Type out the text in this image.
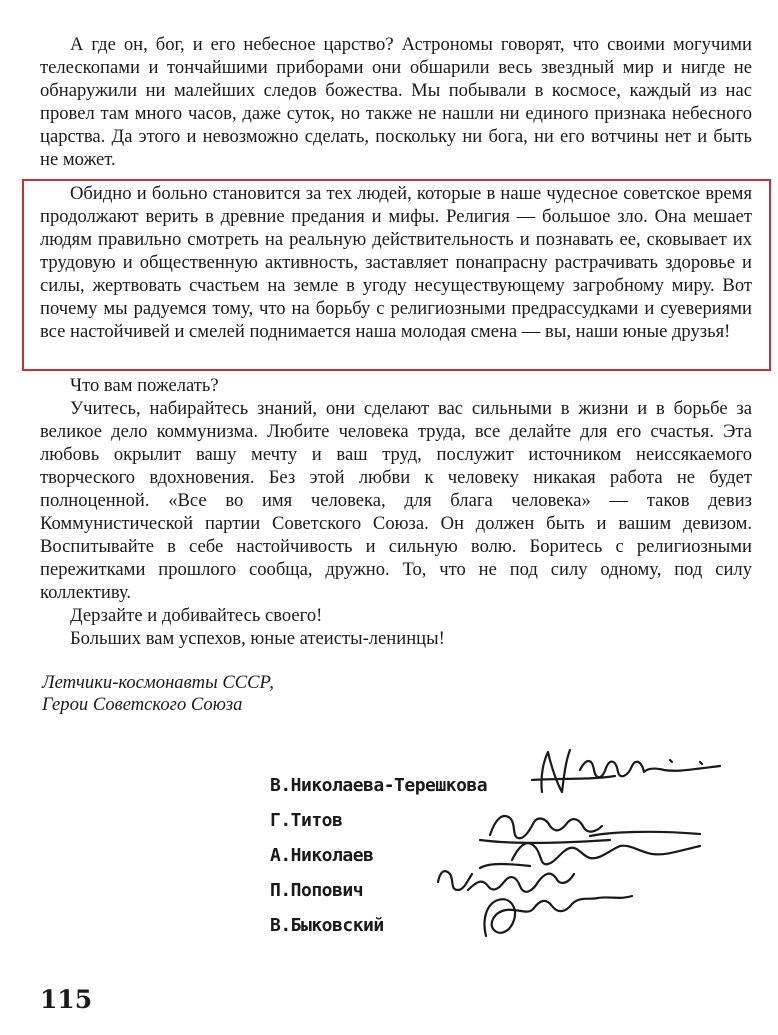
А где он, бог, и его небесное царство? Астрономы говорят, что своими могучими телескопами и тончайшими приборами они обшарили весь звездный мир и нигде не обнаружили ни малейших следов божества. Мы побывали в космосе, каждый из нас провел там много часов, даже суток, но также не нашли ни единого признака небесного царства. Да этого и невозможно сделать, поскольку ни бога, ни его вотчины нет и быть не может.

Обидно и больно становится за тех людей, которые в наше чудесное советское время продолжают верить в древние предания и мифы. Религия — большое зло. Она мешает людям правильно смотреть на реальную действительность и познавать ее, сковывает их трудовую и общественную активность, заставляет понапрасну растрачивать здоровье и силы, жертвовать счастьем на земле в угоду несуществующему загробному миру. Вот почему мы радуемся тому, что на борьбу с религиозными предрассудками и суевериями все настойчивей и смелей поднимается наша молодая смена — вы, наши юные друзья!

Что вам пожелать?

Учитесь, набирайтесь знаний, они сделают вас сильными в жизни и в борьбе за великое дело коммунизма. Любите человека труда, все делайте для его счастья. Эта любовь окрылит вашу мечту и ваш труд, послужит источником неиссякаемого творческого вдохновения. Без этой любви к человеку никакая работа не будет полноценной. «Все во имя человека, для блага человека» — таков девиз Коммунистической партии Советского Союза. Он должен быть и вашим девизом. Воспитывайте в себе настойчивость и сильную волю. Боритесь с религиозными пережитками прошлого сообща, дружно. То, что не под силу одному, под силу коллективу.

Дерзайте и добивайтесь своего!

Больших вам успехов, юные атеисты-ленинцы!

Летчики-космонавты СССР,
Герои Советского Союза
В.Николаева-Терешкова
Г.Титов
А.Николаев
П.Попович
В.Быковский
115
